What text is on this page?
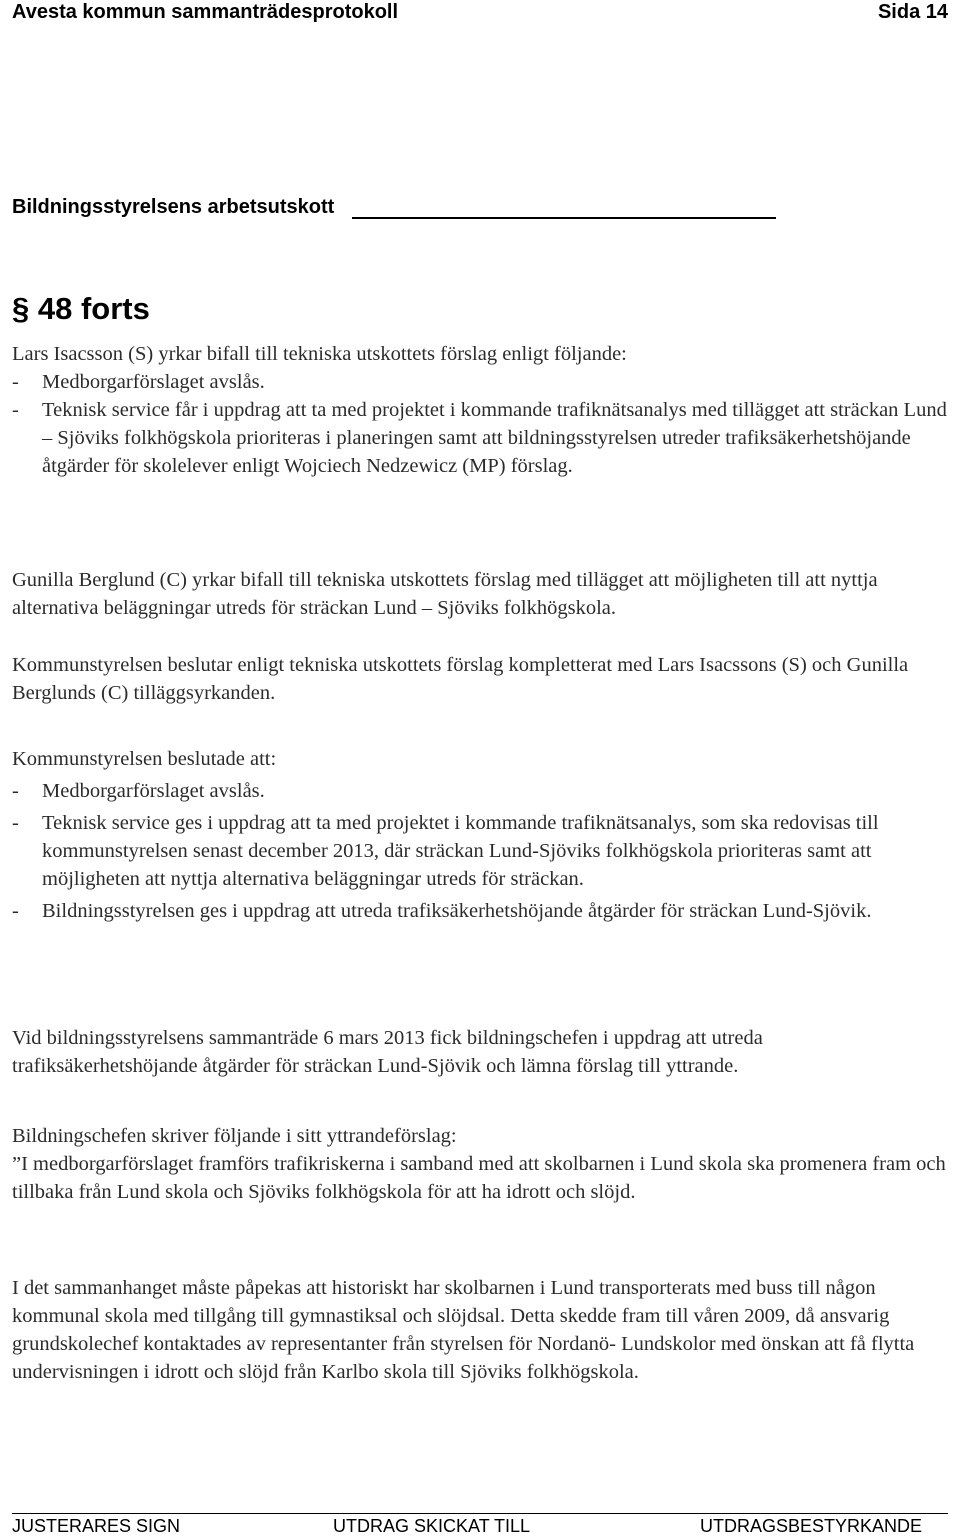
Avesta kommun sammanträdesprotokoll	Sida 14
Bildningsstyrelsens arbetsutskott
§ 48 forts

Lars Isacsson (S) yrkar bifall till tekniska utskottets förslag enligt följande:

-	Medborgarförslaget avslås.
-	Teknisk service får i uppdrag att ta med projektet i kommande trafiknätsanalys med tillägget att sträckan Lund – Sjöviks folkhögskola prioriteras i planeringen samt att bildningsstyrelsen utreder trafiksäkerhetshöjande åtgärder för skolelever enligt Wojciech Nedzewicz (MP) förslag.
Gunilla Berglund (C) yrkar bifall till tekniska utskottets förslag med tillägget att möjligheten till att nyttja alternativa beläggningar utreds för sträckan Lund – Sjöviks folkhögskola.
Kommunstyrelsen beslutar enligt tekniska utskottets förslag kompletterat med Lars Isacssons (S) och Gunilla Berglunds (C) tilläggsyrkanden.

Kommunstyrelsen beslutade att:

-	Medborgarförslaget avslås.
-	Teknisk service ges i uppdrag att ta med projektet i kommande trafiknätsanalys, som ska redovisas till kommunstyrelsen senast december 2013, där sträckan Lund-Sjöviks folkhögskola prioriteras samt att möjligheten att nyttja alternativa beläggningar utreds för sträckan.
-	Bildningsstyrelsen ges i uppdrag att utreda trafiksäkerhetshöjande åtgärder för sträckan Lund-Sjövik.
Vid bildningsstyrelsens sammanträde 6 mars 2013 fick bildningschefen i uppdrag att utreda trafiksäkerhetshöjande åtgärder för sträckan Lund-Sjövik och lämna förslag till yttrande.

Bildningschefen skriver följande i sitt yttrandeförslag:

”I medborgarförslaget framförs trafikriskerna i samband med att skolbarnen i Lund skola ska promenera fram och tillbaka från Lund skola och Sjöviks folkhögskola för att ha idrott och slöjd.

I det sammanhanget måste påpekas att historiskt har skolbarnen i Lund transporterats med buss till någon kommunal skola med tillgång till gymnastiksal och slöjdsal. Detta skedde fram till våren 2009, då ansvarig grundskolechef kontaktades av representanter från styrelsen för Nordanö- Lundskolor med önskan att få flytta undervisningen i idrott och slöjd från Karlbo skola till Sjöviks folkhögskola.
JUSTERARES SIGN	UTDRAG SKICKAT TILL	UTDRAGSBESTYRKANDE
